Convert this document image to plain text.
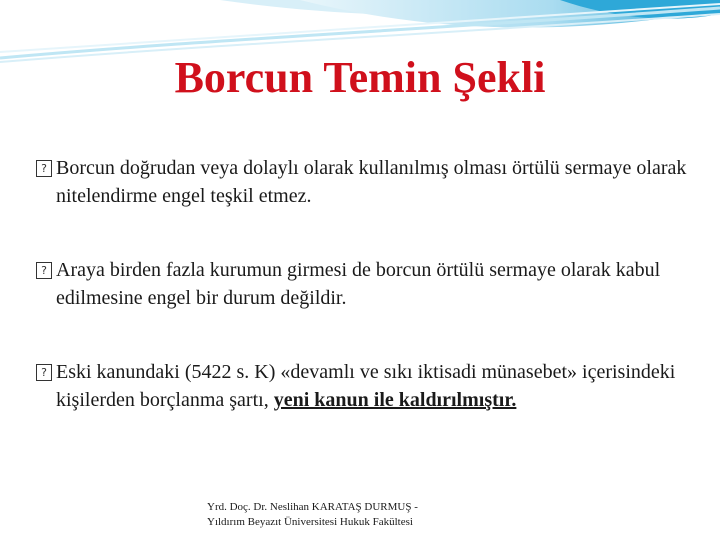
Borcun Temin Şekli
? Borcun doğrudan veya dolaylı olarak kullanılmış olması örtülü sermaye olarak nitelendirme engel teşkil etmez.
? Araya birden fazla kurumun girmesi de borcun örtülü sermaye olarak kabul edilmesine engel bir durum değildir.
? Eski kanundaki (5422 s. K) «devamlı ve sıkı iktisadi münasebet» içerisindeki kişilerden borçlanma şartı, yeni kanun ile kaldırılmıştır.
Yrd. Doç. Dr. Neslihan KARATAŞ DURMUŞ -
Yıldırım Beyazıt Üniversitesi Hukuk Fakültesi
